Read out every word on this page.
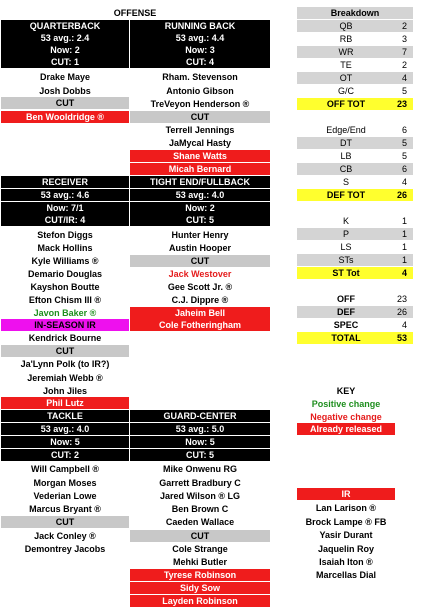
OFFENSE
QUARTERBACK
53 avg.: 2.4
Now: 2
CUT: 1
Drake Maye
Josh Dobbs
CUT
Ben Wooldridge ®
RUNNING BACK
53 avg.: 4.4
Now: 3
CUT: 4
Rham. Stevenson
Antonio Gibson
TreVeyon Henderson ®
CUT
Terrell Jennings
JaMycal Hasty
Shane Watts
Micah Bernard
RECEIVER
53 avg.: 4.6
Now: 7/1
CUT/IR: 4
Stefon Diggs
Mack Hollins
Kyle Williams ®
Demario Douglas
Kayshon Boutte
Efton Chism III ®
Javon Baker ®
IN-SEASON IR
Kendrick Bourne
CUT
Ja'Lynn Polk (to IR?)
Jeremiah Webb ®
John Jiles
Phil Lutz
TIGHT END/FULLBACK
53 avg.: 4.0
Now: 2
CUT: 5
Hunter Henry
Austin Hooper
CUT
Jack Westover
Gee Scott Jr. ®
C.J. Dippre ®
Jaheim Bell
Cole Fotheringham
TACKLE
53 avg.: 4.0
Now: 5
CUT: 2
Will Campbell ®
Morgan Moses
Vederian Lowe
Marcus Bryant ®
CUT
Jack Conley ®
Demontrey Jacobs
GUARD-CENTER
53 avg.: 5.0
Now: 5
CUT: 5
Mike Onwenu RG
Garrett Bradbury C
Jared Wilson ® LG
Ben Brown C
Caeden Wallace
CUT
Cole Strange
Mehki Butler
Tyrese Robinson
Sidy Sow
Layden Robinson
Breakdown
QB	2
RB	3
WR	7
TE	2
OT	4
G/C	5
OFF TOT	23
Edge/End	6
DT	5
LB	5
CB	6
S	4
DEF TOT	26
K	1
P	1
LS	1
STs	1
ST Tot	4
OFF	23
DEF	26
SPEC	4
TOTAL	53
KEY
Positive change
Negative change
Already released
IR
Lan Larison ®
Brock Lampe ® FB
Yasir Durant
Jaquelin Roy
Isaiah Iton ®
Marcellas Dial
